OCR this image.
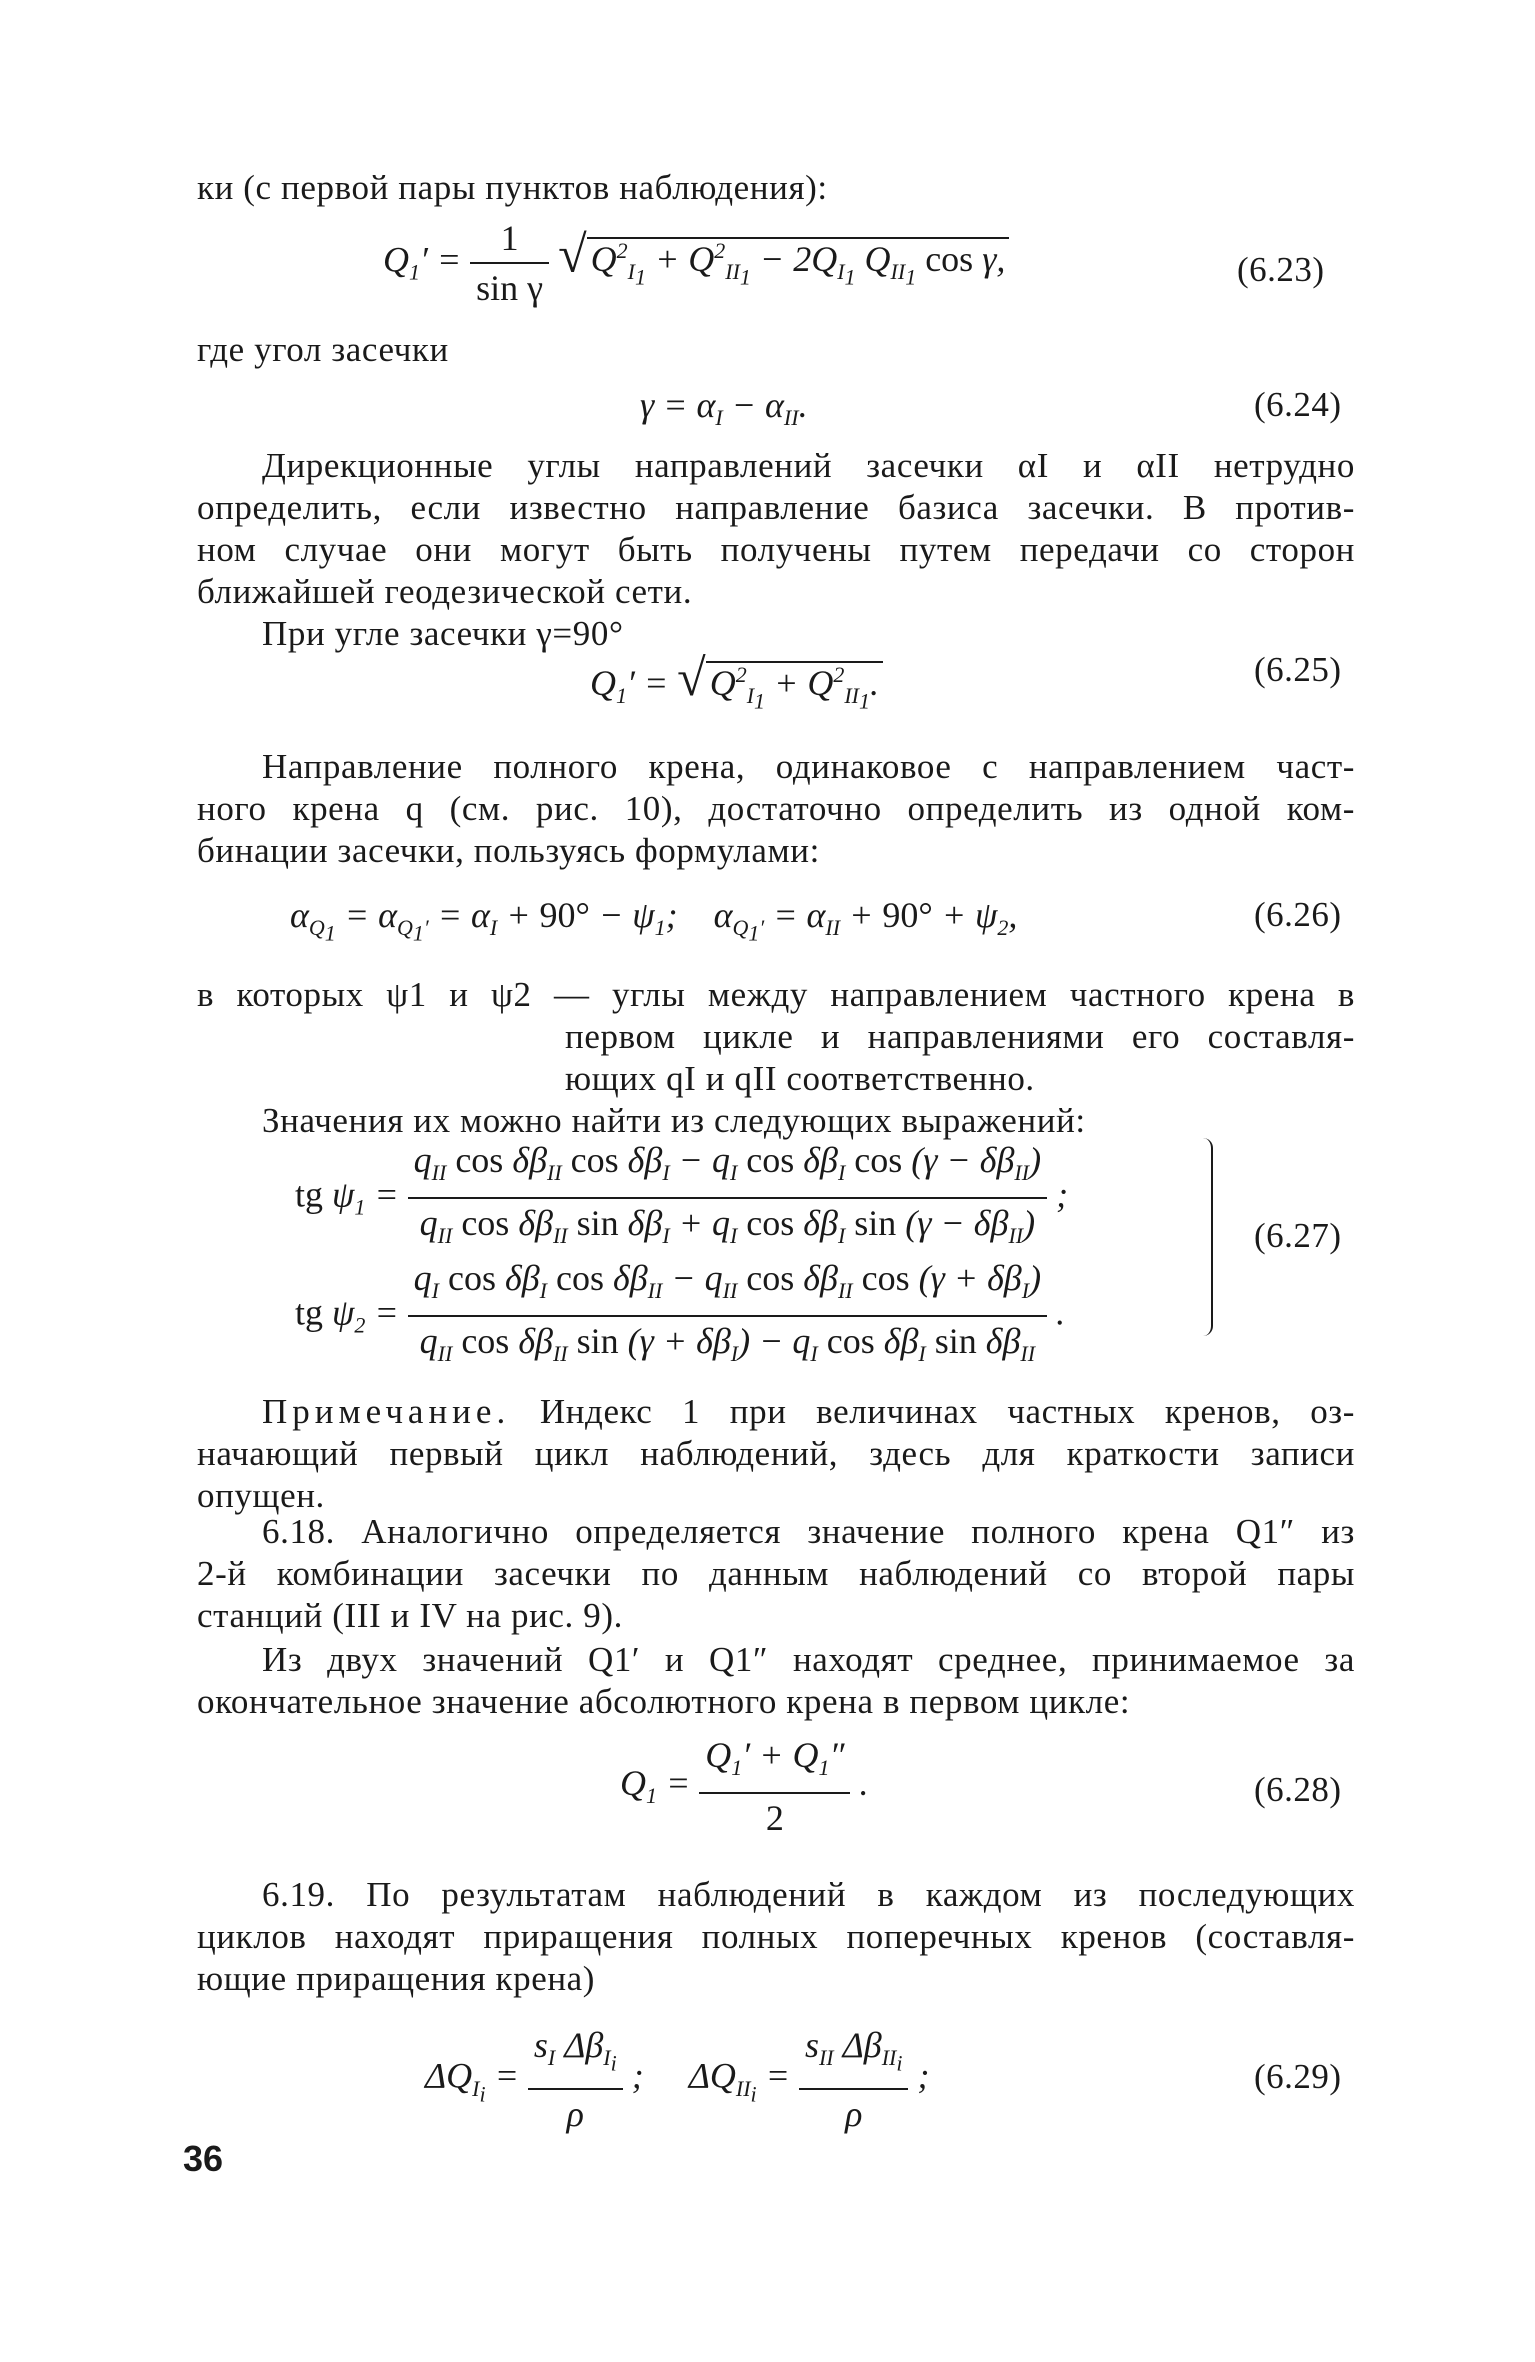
ки (с первой пары пунктов наблюдения):
$Q_1' = \frac{1}{\text{sin γ}}$ √ $Q^2_{I_1} + Q^2_{II_1} - 2Q_{I_1}$ $Q_{II_1}$ cos γ,	(6.23)
где угол засечки
$\gamma = \alpha_I - \alpha_{II}$.	(6.24)
Дирекционные углы направлений засечки αI и αII нетрудно
определить, если известно направление базиса засечки. В против-
ном случае они могут быть получены путем передачи со сторон
ближайшей геодезической сети.
При угле засечки γ=90°
$Q_1'$ = √ $Q^2_{I_1} + Q^2_{II_1}$.	(6.25)
Направление полного крена, одинаковое с направлением част-
ного крена q (см. рис. 10), достаточно определить из одной ком-
бинации засечки, пользуясь формулами:
$\alpha_{Q_1} = \alpha_{Q_1'} = \alpha_I + 90^\circ - \psi_1$;    $\alpha_{Q_1'} = \alpha_{II} + 90^\circ + \psi_2$,	(6.26)
в которых ψ1 и ψ2 — углы между направлением частного крена в
первом цикле и направлениями его составля-
ющих qI и qII соответственно.
Значения их можно найти из следующих выражений:
tg $\psi_1 = \frac{q_{II} \cos \delta\beta_{II} \cos \delta\beta_I - q_I \cos \delta\beta_I \cos (\gamma - \delta\beta_{II})}{q_{II} \cos \delta\beta_{II} \sin \delta\beta_I + q_I \cos \delta\beta_I \sin (\gamma - \delta\beta_{II})}$ ;
tg $\psi_2 = \frac{q_I \cos \delta\beta_I \cos \delta\beta_{II} - q_{II} \cos \delta\beta_{II} \cos (\gamma + \delta\beta_I)}{q_{II} \cos \delta\beta_{II} \sin (\gamma + \delta\beta_I) - q_I \cos \delta\beta_I \sin \delta\beta_{II}}$ .
(6.27)
Примечание. Индекс 1 при величинах частных кренов, оз-
начающий первый цикл наблюдений, здесь для краткости записи
опущен.
6.18. Аналогично определяется значение полного крена Q1″ из
2-й комбинации засечки по данным наблюдений со второй пары
станций (III и IV на рис. 9).
Из двух значений Q1′ и Q1″ находят среднее, принимаемое за
окончательное значение абсолютного крена в первом цикле:
$Q_1 = \frac{Q_1' + Q_1''}{2}$ .	(6.28)
6.19. По результатам наблюдений в каждом из последующих
циклов находят приращения полных поперечных кренов (составля-
ющие приращения крена)
$\Delta Q_{I_i} = \frac{s_I \Delta\beta_{I_i}}{\rho}$ ;     $\Delta Q_{II_i} = \frac{s_{II} \Delta\beta_{II_i}}{\rho}$ ;	(6.29)
36
